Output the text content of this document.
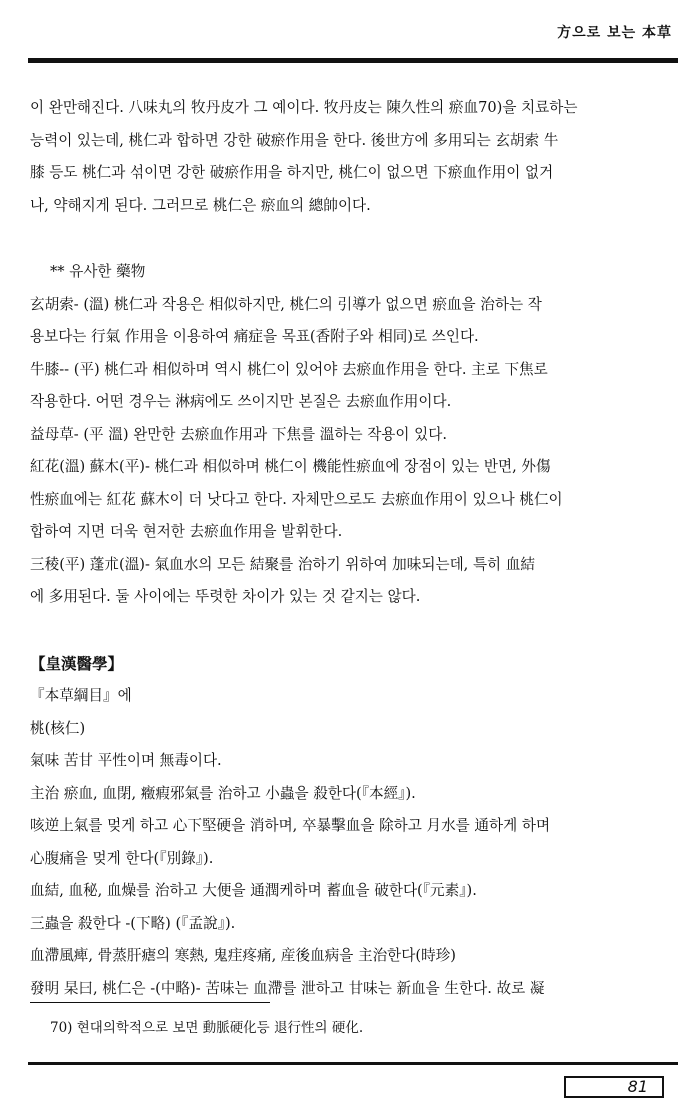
方으로 보는 本草
이 완만해진다. 八味丸의 牧丹皮가 그 예이다. 牧丹皮는 陳久性의 瘀血70)을 치료하는
능력이 있는데, 桃仁과 합하면 강한 破瘀作用을 한다. 後世方에 多用되는 玄胡索 牛
膝 등도 桃仁과 섞이면 강한 破瘀作用을 하지만, 桃仁이 없으면 下瘀血作用이 없거
나, 약해지게 된다. 그러므로 桃仁은 瘀血의 總帥이다.
** 유사한 藥物
玄胡索- (溫) 桃仁과 작용은 相似하지만, 桃仁의 引導가 없으면 瘀血을 治하는 작
용보다는 行氣 作用을 이용하여 痛症을 목표(香附子와 相同)로 쓰인다.
牛膝-- (平) 桃仁과 相似하며 역시 桃仁이 있어야 去瘀血作用을 한다. 主로 下焦로
작용한다. 어떤 경우는 淋病에도 쓰이지만 본질은 去瘀血作用이다.
益母草- (平 溫) 완만한 去瘀血作用과 下焦를 溫하는 작용이 있다.
紅花(溫) 蘇木(平)- 桃仁과 相似하며 桃仁이 機能性瘀血에 장점이 있는 반면, 外傷
性瘀血에는 紅花 蘇木이 더 낫다고 한다. 자체만으로도 去瘀血作用이 있으나 桃仁이
합하여 지면 더욱 현저한 去瘀血作用을 발휘한다.
三稜(平) 蓬朮(溫)- 氣血水의 모든 結聚를 治하기 위하여 加味되는데, 특히 血結
에 多用된다. 둘 사이에는 뚜렷한 차이가 있는 것 같지는 않다.
【皇漢醫學】
『本草綱目』에
桃(核仁)
氣味 苦甘 平性이며 無毒이다.
主治 瘀血, 血閉, 癥瘕邪氣를 治하고 小蟲을 殺한다(『本經』).
咳逆上氣를 멎게 하고 心下堅硬을 消하며, 卒暴擊血을 除하고 月水를 通하게 하며
心腹痛을 멎게 한다(『別錄』).
血結, 血秘, 血燥를 治하고 大便을 通潤케하며 蓄血을 破한다(『元素』).
三蟲을 殺한다 -(下略) (『孟說』).
血滯風痺, 骨蒸肝瘧의 寒熱, 鬼疰疼痛, 産後血病을 主治한다(時珍)
發明 杲曰, 桃仁은 -(中略)- 苦味는 血滯를 泄하고 甘味는 新血을 生한다. 故로 凝
70) 현대의학적으로 보면 動脈硬化등 退行性의 硬化.
81
